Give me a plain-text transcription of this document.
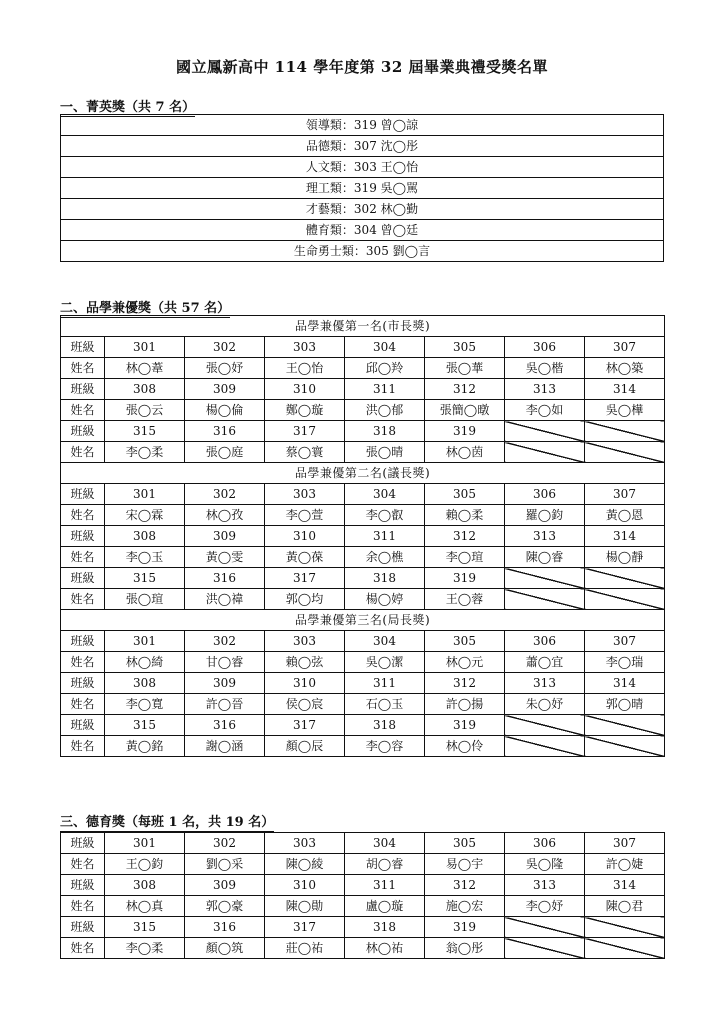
國立鳳新高中 114 學年度第 32 屆畢業典禮受獎名單
一、菁英獎（共 7 名）
領導類：319 曾◯諒
品德類：307 沈◯彤
人文類：303 王◯怡
理工類：319 吳◯駡
才藝類：302 林◯勤
體育類：304 曾◯廷
生命勇士類：305 劉◯言
二、品學兼優獎（共 57 名）
品學兼優第一名(市長獎)							
班級	301	302	303	304	305	306	307
姓名	林◯葦	張◯妤	王◯怡	邱◯羚	張◯華	吳◯楷	林◯築
班級	308	309	310	311	312	313	314
姓名	張◯云	楊◯倫	鄭◯璇	洪◯郁	張簡◯暾	李◯如	吳◯樺
班級	315	316	317	318	319		
姓名	李◯柔	張◯庭	蔡◯寰	張◯晴	林◯茵		
品學兼優第二名(議長獎)							
班級	301	302	303	304	305	306	307
姓名	宋◯霖	林◯孜	李◯萱	李◯叡	賴◯柔	羅◯鈞	黃◯恩
班級	308	309	310	311	312	313	314
姓名	李◯玉	黃◯雯	黃◯葆	余◯樵	李◯瑄	陳◯睿	楊◯靜
班級	315	316	317	318	319		
姓名	張◯瑄	洪◯禕	郭◯均	楊◯婷	王◯蓉		
品學兼優第三名(局長獎)							
班級	301	302	303	304	305	306	307
姓名	林◯綺	甘◯睿	賴◯弦	吳◯潔	林◯元	蕭◯宜	李◯瑞
班級	308	309	310	311	312	313	314
姓名	李◯寬	許◯晉	侯◯宸	石◯玉	許◯揚	朱◯妤	郭◯晴
班級	315	316	317	318	319		
姓名	黃◯銘	謝◯涵	顏◯辰	李◯容	林◯伶		
三、德育獎（每班 1 名，共 19 名）
班級	301	302	303	304	305	306	307
姓名	王◯鈞	劉◯采	陳◯綾	胡◯睿	易◯宇	吳◯隆	許◯婕
班級	308	309	310	311	312	313	314
姓名	林◯真	郭◯豪	陳◯勛	盧◯璇	施◯宏	李◯妤	陳◯君
班級	315	316	317	318	319		
姓名	李◯柔	顏◯筑	莊◯祐	林◯祐	翁◯彤		
